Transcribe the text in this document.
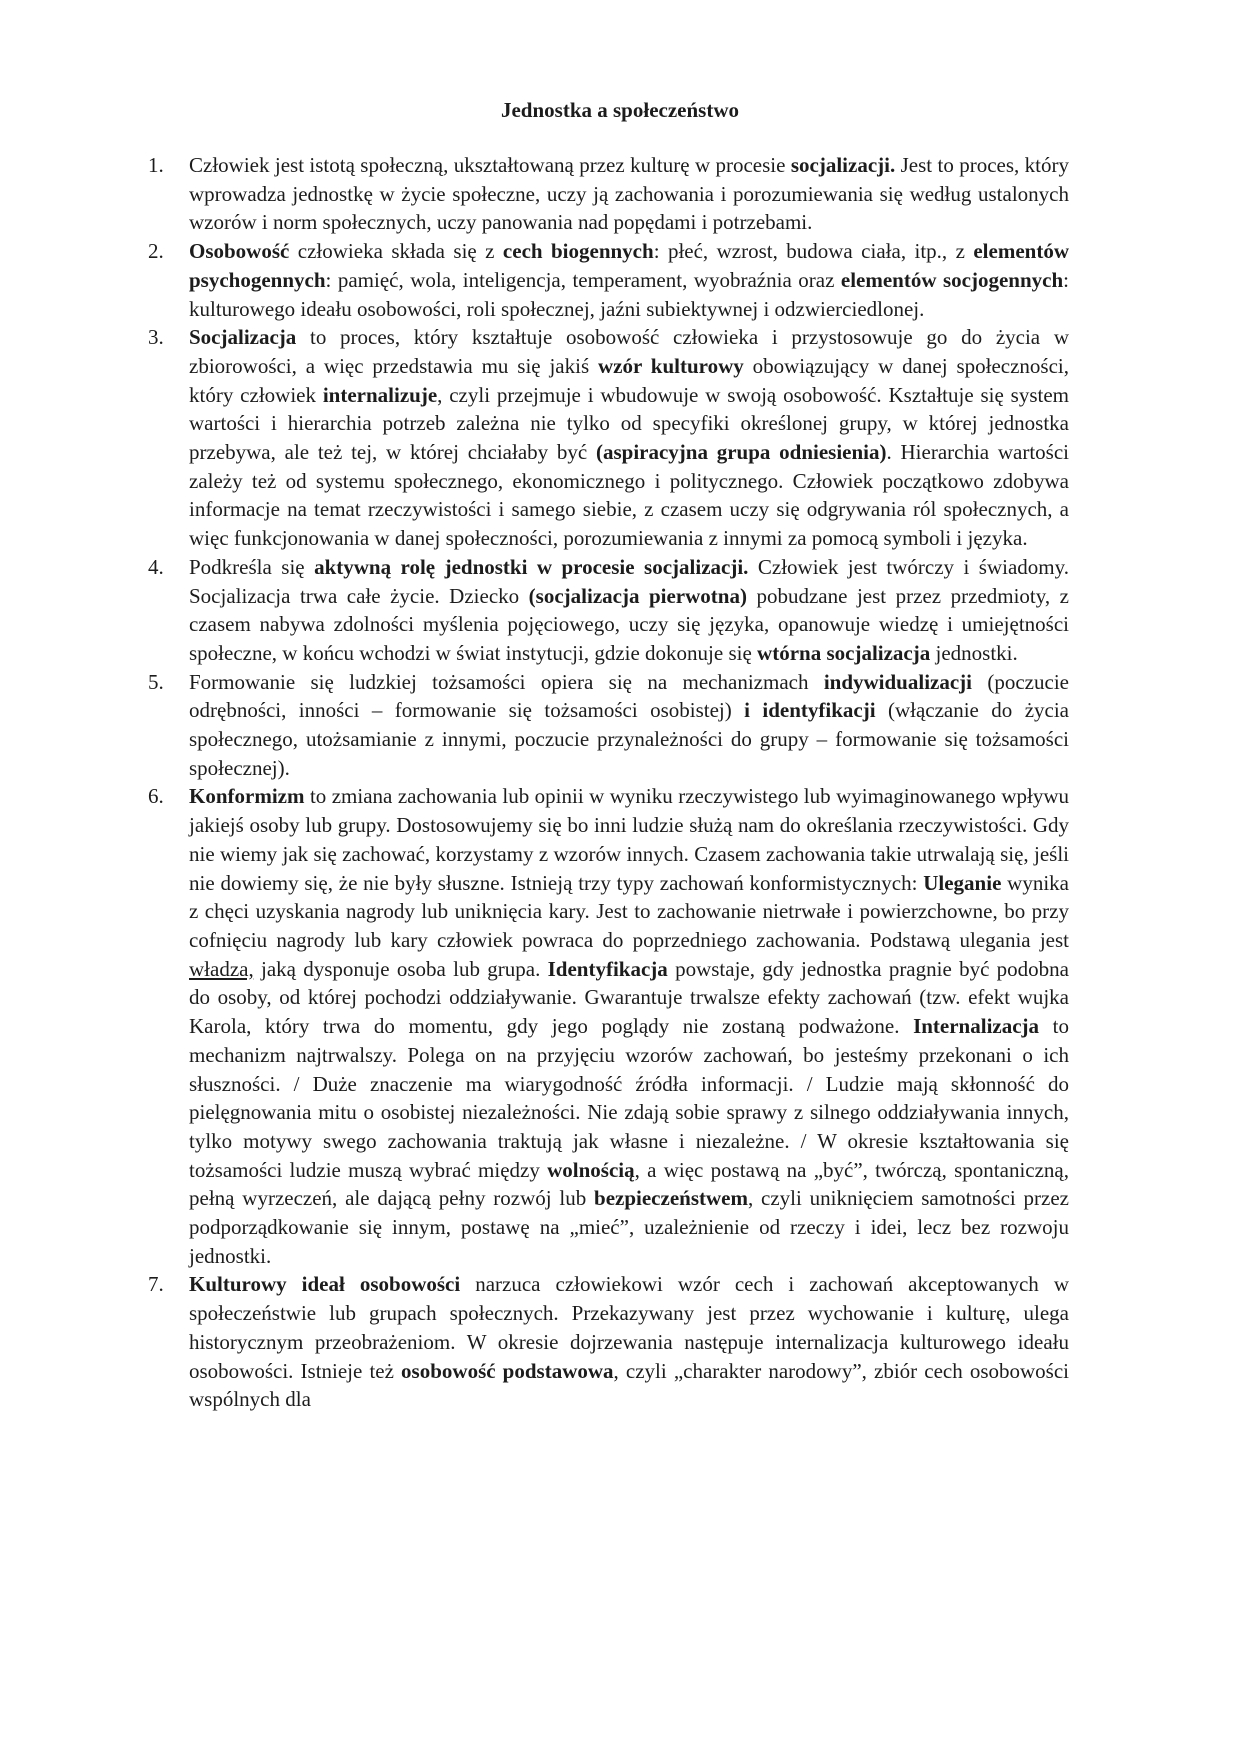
Jednostka a społeczeństwo
1.	Człowiek jest istotą społeczną, ukształtowaną przez kulturę w procesie socjalizacji. Jest to proces, który wprowadza jednostkę w życie społeczne, uczy ją zachowania i porozumiewania się według ustalonych wzorów i norm społecznych, uczy panowania nad popędami i potrzebami.
2.	Osobowość człowieka składa się z cech biogennych: płeć, wzrost, budowa ciała, itp., z elementów psychogennych: pamięć, wola, inteligencja, temperament, wyobraźnia oraz elementów socjogennych: kulturowego ideału osobowości, roli społecznej, jaźni subiektywnej i odzwierciedlonej.
3.	Socjalizacja to proces, który kształtuje osobowość człowieka i przystosowuje go do życia w zbiorowości, a więc przedstawia mu się jakiś wzór kulturowy obowiązujący w danej społeczności, który człowiek internalizuje, czyli przejmuje i wbudowuje w swoją osobowość. Kształtuje się system wartości i hierarchia potrzeb zależna nie tylko od specyfiki określonej grupy, w której jednostka przebywa, ale też tej, w której chciałaby być (aspiracyjna grupa odniesienia). Hierarchia wartości zależy też od systemu społecznego, ekonomicznego i politycznego. Człowiek początkowo zdobywa informacje na temat rzeczywistości i samego siebie, z czasem uczy się odgrywania ról społecznych, a więc funkcjonowania w danej społeczności, porozumiewania z innymi za pomocą symboli i języka.
4.	Podkreśla się aktywną rolę jednostki w procesie socjalizacji. Człowiek jest twórczy i świadomy. Socjalizacja trwa całe życie. Dziecko (socjalizacja pierwotna) pobudzane jest przez przedmioty, z czasem nabywa zdolności myślenia pojęciowego, uczy się języka, opanowuje wiedzę i umiejętności społeczne, w końcu wchodzi w świat instytucji, gdzie dokonuje się wtórna socjalizacja jednostki.
5.	Formowanie się ludzkiej tożsamości opiera się na mechanizmach indywidualizacji (poczucie odrębności, inności – formowanie się tożsamości osobistej) i identyfikacji (włączanie do życia społecznego, utożsamianie z innymi, poczucie przynależności do grupy – formowanie się tożsamości społecznej).
6.	Konformizm to zmiana zachowania lub opinii w wyniku rzeczywistego lub wyimaginowanego wpływu jakiejś osoby lub grupy. Dostosowujemy się bo inni ludzie służą nam do określania rzeczywistości. Gdy nie wiemy jak się zachować, korzystamy z wzorów innych. Czasem zachowania takie utrwalają się, jeśli nie dowiemy się, że nie były słuszne. Istnieją trzy typy zachowań konformistycznych: Uleganie wynika z chęci uzyskania nagrody lub uniknięcia kary. Jest to zachowanie nietrwałe i powierzchowne, bo przy cofnięciu nagrody lub kary człowiek powraca do poprzedniego zachowania. Podstawą ulegania jest władza, jaką dysponuje osoba lub grupa. Identyfikacja powstaje, gdy jednostka pragnie być podobna do osoby, od której pochodzi oddziaływanie. Gwarantuje trwalsze efekty zachowań (tzw. efekt wujka Karola, który trwa do momentu, gdy jego poglądy nie zostaną podważone. Internalizacja to mechanizm najtrwalszy. Polega on na przyjęciu wzorów zachowań, bo jesteśmy przekonani o ich słuszności. / Duże znaczenie ma wiarygodność źródła informacji. / Ludzie mają skłonność do pielęgnowania mitu o osobistej niezależności. Nie zdają sobie sprawy z silnego oddziaływania innych, tylko motywy swego zachowania traktują jak własne i niezależne. / W okresie kształtowania się tożsamości ludzie muszą wybrać między wolnością, a więc postawą na „być”, twórczą, spontaniczną, pełną wyrzeczeń, ale dającą pełny rozwój lub bezpieczeństwem, czyli uniknięciem samotności przez podporządkowanie się innym, postawę na „mieć”, uzależnienie od rzeczy i idei, lecz bez rozwoju jednostki.
7.	Kulturowy ideał osobowości narzuca człowiekowi wzór cech i zachowań akceptowanych w społeczeństwie lub grupach społecznych. Przekazywany jest przez wychowanie i kulturę, ulega historycznym przeobrażeniom. W okresie dojrzewania następuje internalizacja kulturowego ideału osobowości. Istnieje też osobowość podstawowa, czyli „charakter narodowy”, zbiór cech osobowości wspólnych dla
